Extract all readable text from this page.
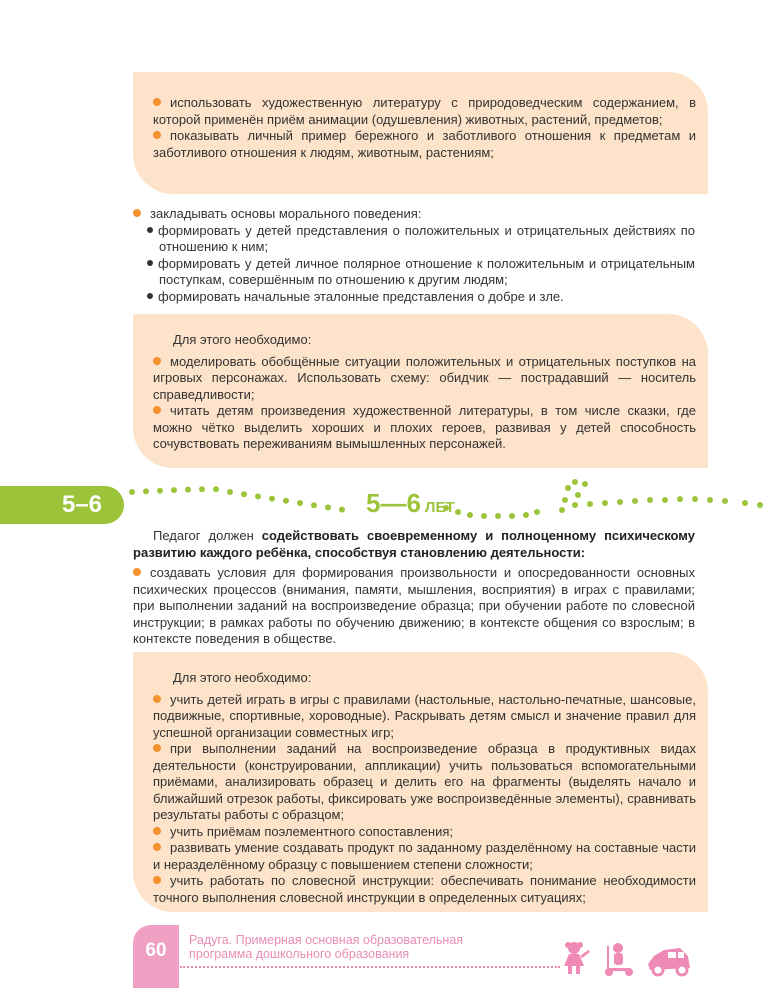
использовать художественную литературу с природоведческим содержанием, в которой применён приём анимации (одушевления) животных, растений, предметов;

показывать личный пример бережного и заботливого отношения к предметам и заботливого отношения к людям, животным, растениям;

закладывать основы морального поведения:

формировать у детей представления о положительных и отрицательных действиях по отношению к ним;
формировать у детей личное полярное отношение к положительным и отрицательным поступкам, совершённым по отношению к другим людям;
формировать начальные эталонные представления о добре и зле.
Для этого необходимо:

моделировать обобщённые ситуации положительных и отрицательных поступков на игровых персонажах. Использовать схему: обидчик — пострадавший — носитель справедливости;

читать детям произведения художественной литературы, в том числе сказки, где можно чётко выделить хороших и плохих героев, развивая у детей способность сочувствовать переживаниям вымышленных персонажей.

5–6	5—6 ЛЕТ

Педагог должен содействовать своевременному и полноценному психическому развитию каждого ребёнка, способствуя становлению деятельности:

создавать условия для формирования произвольности и опосредованности основных психических процессов (внимания, памяти, мышления, восприятия) в играх с правилами; при выполнении заданий на воспроизведение образца; при обучении работе по словесной инструкции; в рамках работы по обучению движению; в контексте общения со взрослым; в контексте поведения в обществе.

Для этого необходимо:

учить детей играть в игры с правилами (настольные, настольно-печатные, шансовые, подвижные, спортивные, хороводные). Раскрывать детям смысл и значение правил для успешной организации совместных игр;

при выполнении заданий на воспроизведение образца в продуктивных видах деятельности (конструировании, аппликации) учить пользоваться вспомогательными приёмами, анализировать образец и делить его на фрагменты (выделять начало и ближайший отрезок работы, фиксировать уже воспроизведённые элементы), сравнивать результаты работы с образцом;

учить приёмам поэлементного сопоставления;

развивать умение создавать продукт по заданному разделённому на составные части и неразделённому образцу с повышением степени сложности;

учить работать по словесной инструкции: обеспечивать понимание необходимости точного выполнения словесной инструкции в определенных ситуациях;

60	Радуга. Примерная основная образовательная
программа дошкольного образования
